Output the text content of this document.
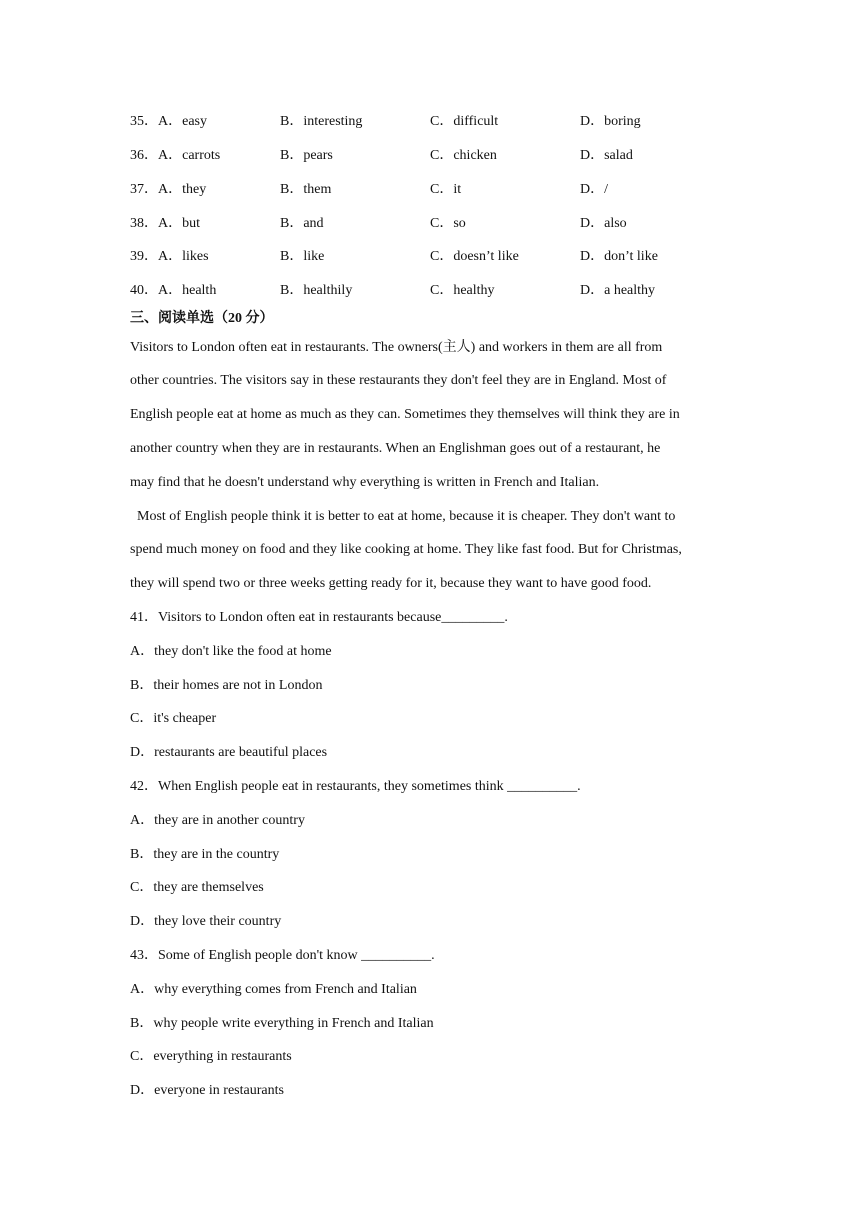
35．A．easy	B．interesting	C．difficult	D．boring
36．A．carrots	B．pears	C．chicken	D．salad
37．A．they	B．them	C．it	D．/
38．A．but	B．and	C．so	D．also
39．A．likes	B．like	C．doesn’t like	D．don’t like
40．A．health	B．healthily	C．healthy	D．a healthy
三、阅读单选（20 分）
Visitors to London often eat in restaurants. The owners(主人) and workers in them are all from
other countries. The visitors say in these restaurants they don't feel they are in England. Most of
English people eat at home as much as they can. Sometimes they themselves will think they are in
another country when they are in restaurants. When an Englishman goes out of a restaurant, he
may find that he doesn't understand why everything is written in French and Italian.
Most of English people think it is better to eat at home, because it is cheaper. They don't want to
spend much money on food and they like cooking at home. They like fast food. But for Christmas,
they will spend two or three weeks getting ready for it, because they want to have good food.
41．Visitors to London often eat in restaurants because_________.
A．they don't like the food at home
B．their homes are not in London
C．it's cheaper
D．restaurants are beautiful places
42．When English people eat in restaurants, they sometimes think __________.
A．they are in another country
B．they are in the country
C．they are themselves
D．they love their country
43．Some of English people don't know __________.
A．why everything comes from French and Italian
B．why people write everything in French and Italian
C．everything in restaurants
D．everyone in restaurants
